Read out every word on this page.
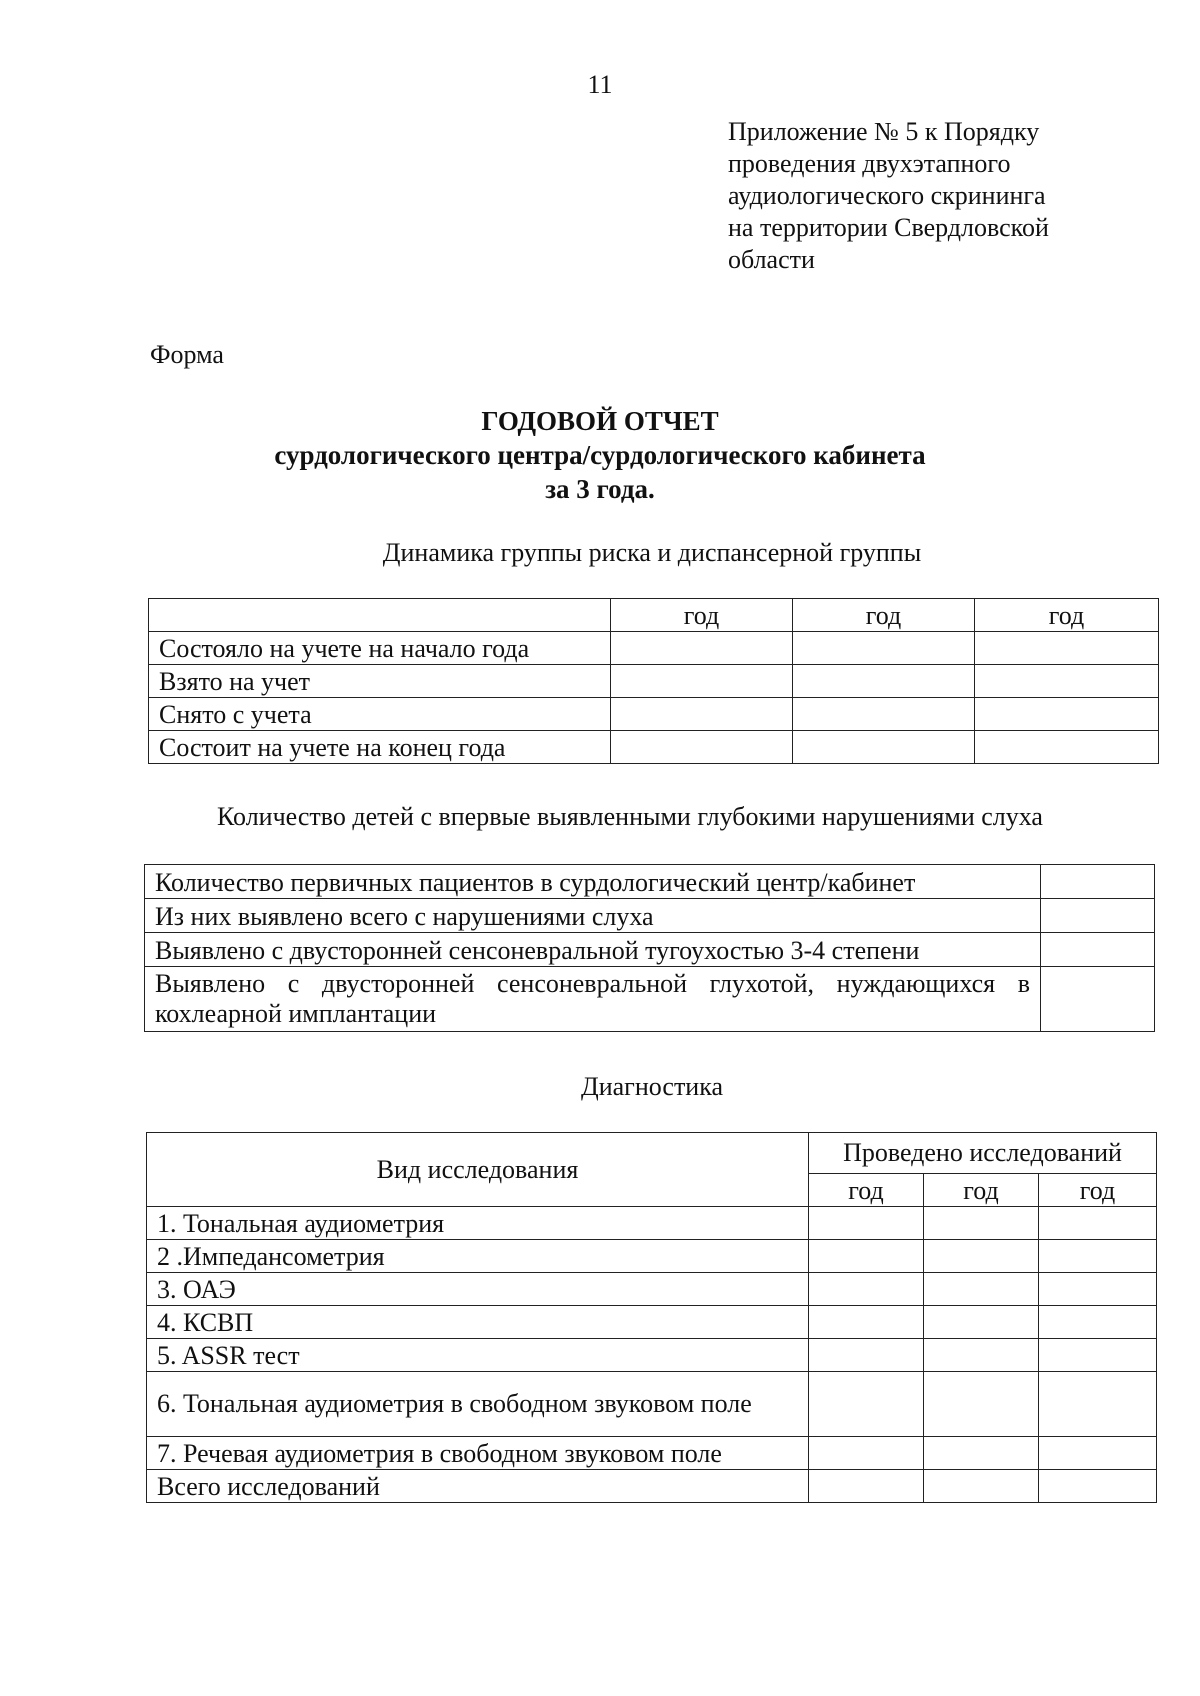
11
Приложение № 5 к Порядку
проведения двухэтапного
аудиологического скрининга
на территории Свердловской
области
Форма
ГОДОВОЙ ОТЧЕТ
сурдологического центра/сурдологического кабинета
за 3 года.
Динамика группы риска и диспансерной группы
	год	год	год
Состояло на учете на начало года			
Взято на учет			
Снято с учета			
Состоит на учете на конец года			
Количество детей с впервые выявленными глубокими нарушениями слуха
Количество первичных пациентов в сурдологический центр/кабинет	
Из них выявлено всего с нарушениями слуха	
Выявлено с двусторонней сенсоневральной тугоухостью 3-4 степени	
Выявлено с двусторонней сенсоневральной глухотой, нуждающихся в кохлеарной имплантации	
Диагностика
Вид исследования	Проведено исследований		
	год	год	год
1. Тональная аудиометрия			
2 .Импедансометрия			
3. ОАЭ			
4. КСВП			
5. ASSR тест			
6. Тональная аудиометрия в свободном звуковом поле			
7. Речевая аудиометрия в свободном звуковом поле			
Всего исследований			
